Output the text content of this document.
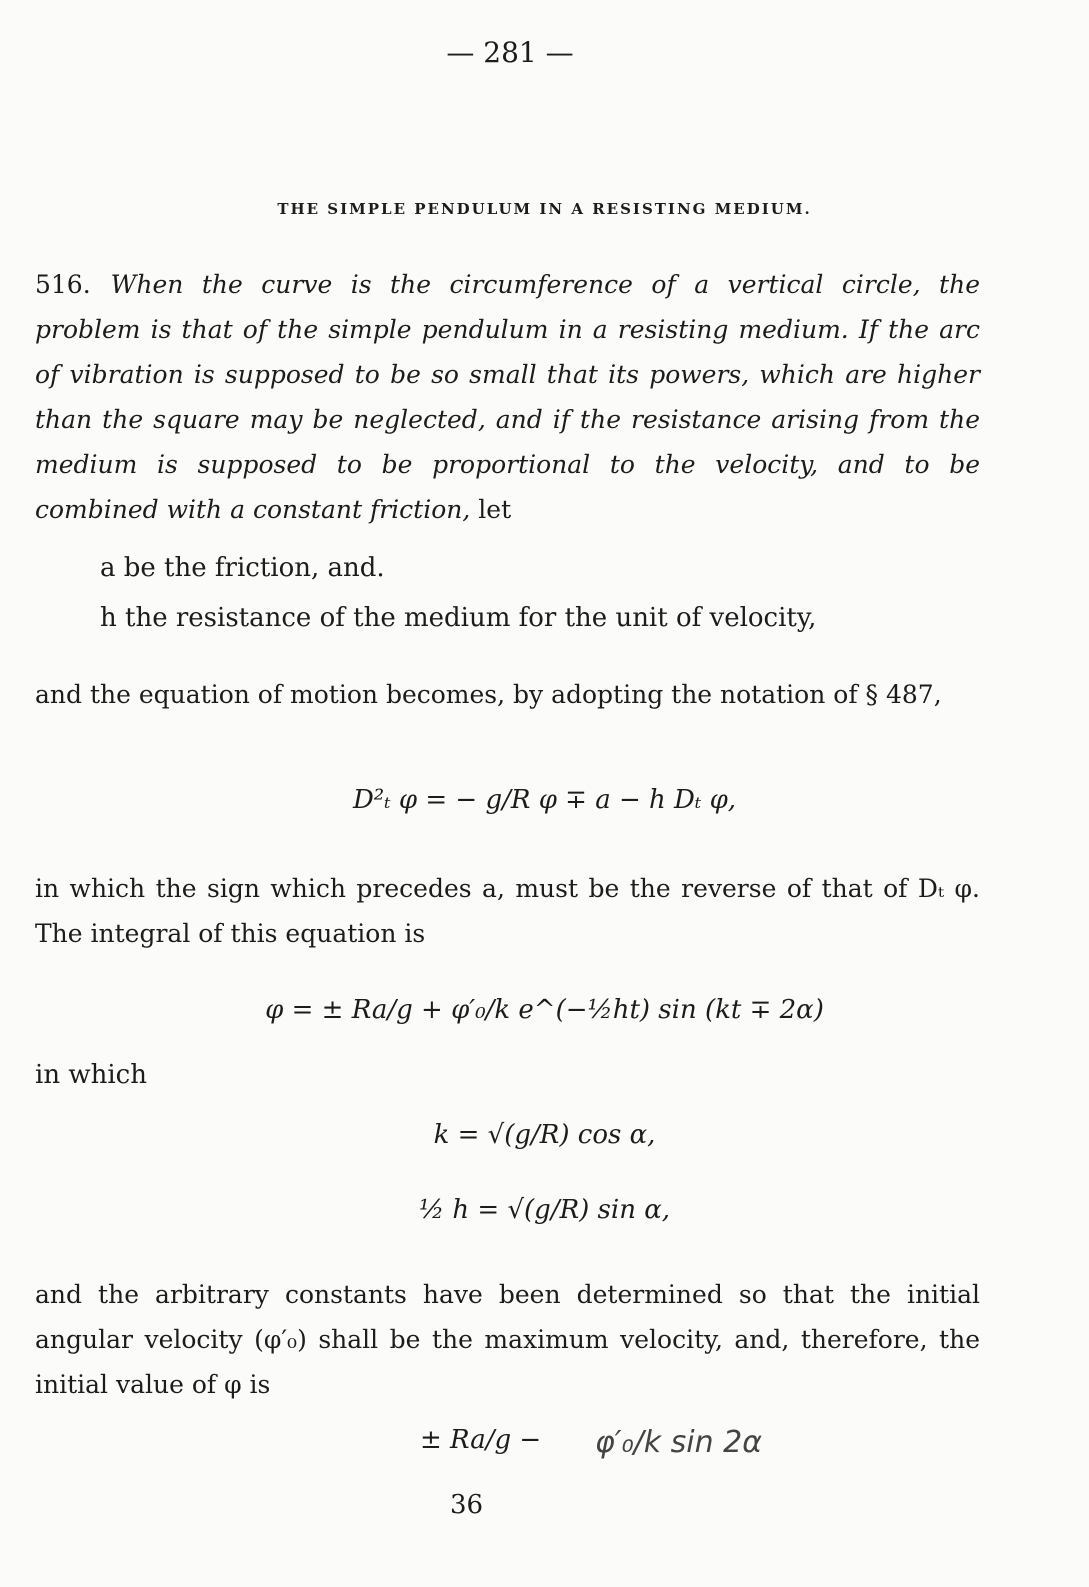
— 281 —
THE SIMPLE PENDULUM IN A RESISTING MEDIUM.
516. When the curve is the circumference of a vertical circle, the problem is that of the simple pendulum in a resisting medium. If the arc of vibration is supposed to be so small that its powers, which are higher than the square may be neglected, and if the resistance arising from the medium is supposed to be proportional to the velocity, and to be combined with a constant friction, let
a be the friction, and.
h the resistance of the medium for the unit of velocity,
and the equation of motion becomes, by adopting the notation of § 487,
D²ₜ φ = − g/R φ ∓ a − h Dₜ φ,
in which the sign which precedes a, must be the reverse of that of Dₜ φ. The integral of this equation is
φ = ± Ra/g + φ′₀/k e^(−½ht) sin (kt ∓ 2α)
in which
k = √(g/R) cos α,
½ h = √(g/R) sin α,
and the arbitrary constants have been determined so that the initial angular velocity (φ′₀) shall be the maximum velocity, and, therefore, the initial value of φ is
± Ra/g − φ′₀/k sin 2α
36
